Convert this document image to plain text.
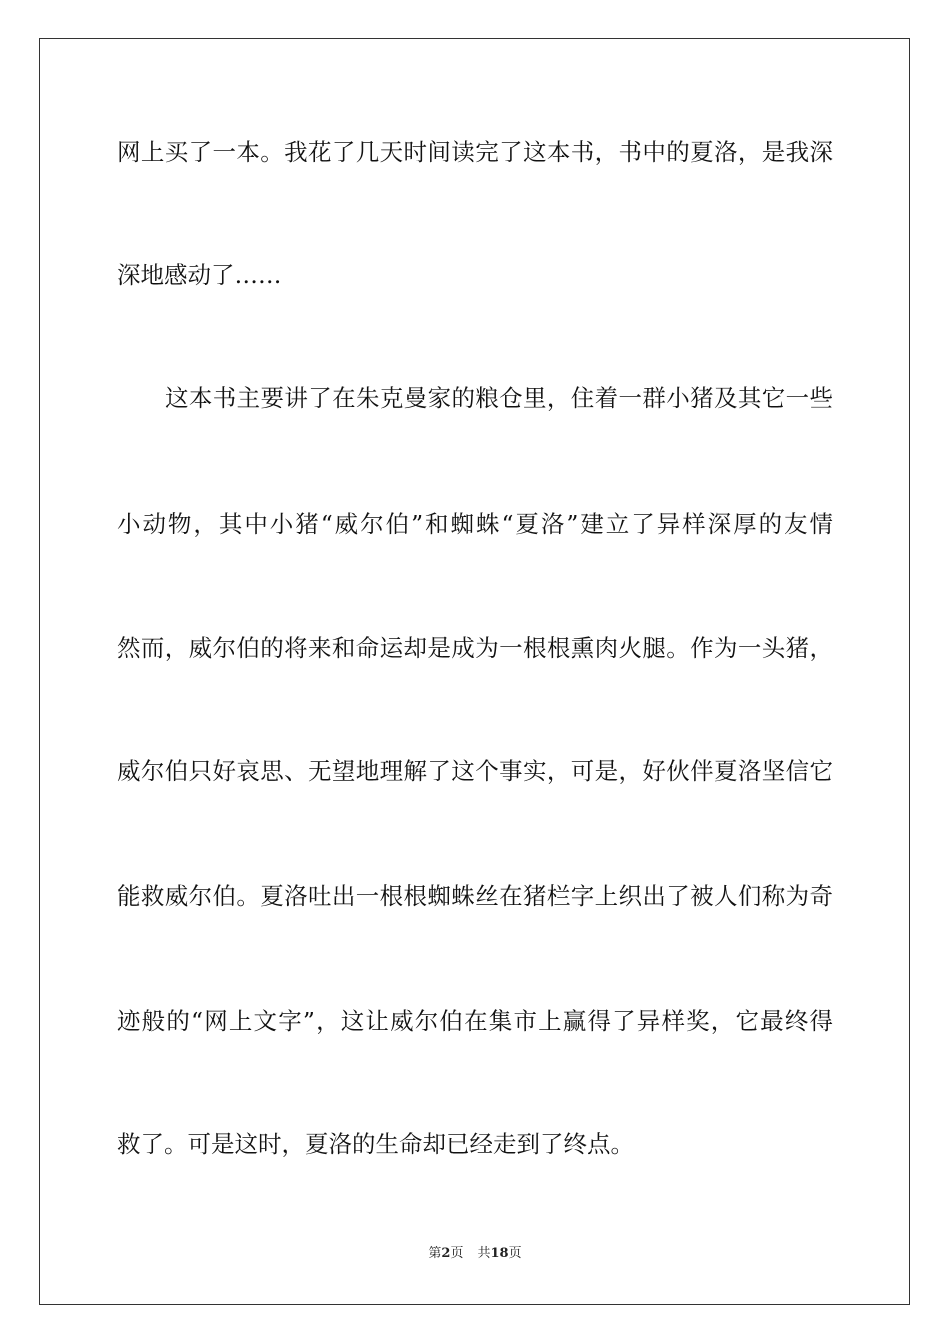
网上买了一本。我花了几天时间读完了这本书，书中的夏洛，是我深
深地感动了……
这本书主要讲了在朱克曼家的粮仓里，住着一群小猪及其它一些
小动物，其中小猪“威尔伯”和蜘蛛“夏洛”建立了异样深厚的友情
然而，威尔伯的将来和命运却是成为一根根熏肉火腿。作为一头猪，
威尔伯只好哀思、无望地理解了这个事实，可是，好伙伴夏洛坚信它
能救威尔伯。夏洛吐出一根根蜘蛛丝在猪栏字上织出了被人们称为奇
迹般的“网上文字”，这让威尔伯在集市上赢得了异样奖，它最终得
救了。可是这时，夏洛的生命却已经走到了终点。
第2页 共18页
